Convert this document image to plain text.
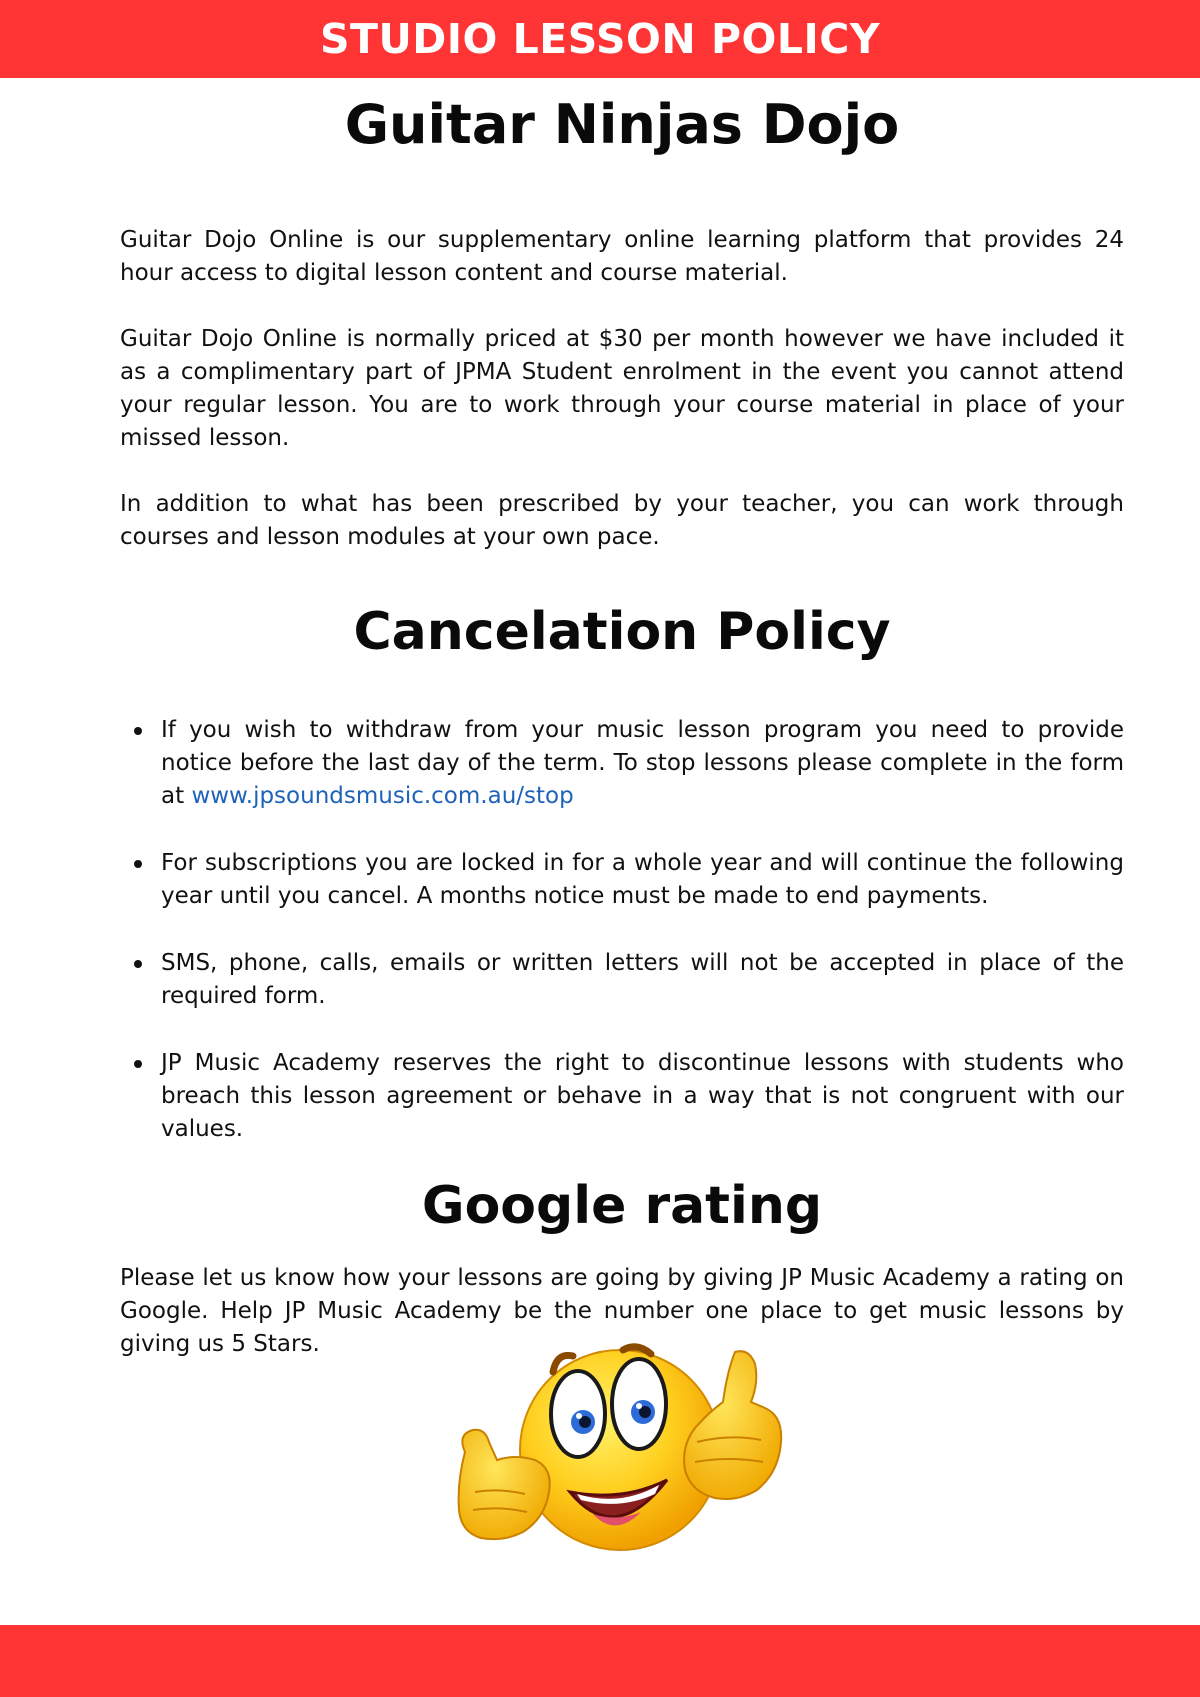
STUDIO LESSON POLICY
Guitar Ninjas Dojo

Guitar Dojo Online is our supplementary online learning platform that provides 24 hour access to digital lesson content and course material.

Guitar Dojo Online is normally priced at $30 per month however we have included it as a complimentary part of JPMA Student enrolment in the event you cannot attend your regular lesson. You are to work through your course material in place of your missed lesson.

In addition to what has been prescribed by your teacher, you can work through courses and lesson modules at your own pace.

Cancelation Policy
If you wish to withdraw from your music lesson program you need to provide notice before the last day of the term. To stop lessons please complete in the form at www.jpsoundsmusic.com.au/stop
For subscriptions you are locked in for a whole year and will continue the following year until you cancel. A months notice must be made to end payments.
SMS, phone, calls, emails or written letters will not be accepted in place of the required form.
JP Music Academy reserves the right to discontinue lessons with students who breach this lesson agreement or behave in a way that is not congruent with our values.
Google rating

Please let us know how your lessons are going by giving JP Music Academy a rating on Google. Help JP Music Academy be the number one place to get music lessons by giving us 5 Stars.
